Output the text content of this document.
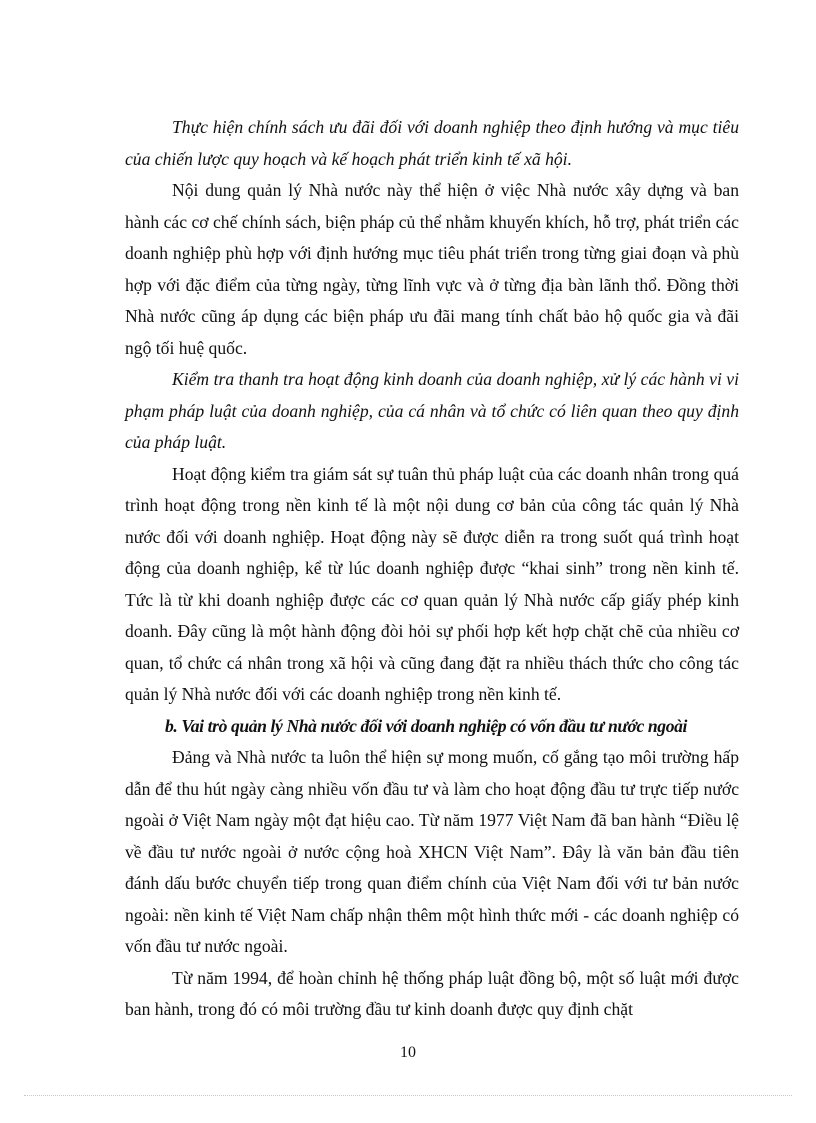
Thực hiện chính sách ưu đãi đối với doanh nghiệp theo định hướng và mục tiêu của chiến lược quy hoạch và kế hoạch phát triển kinh tế xã hội.

Nội dung quản lý Nhà nước này thể hiện ở việc Nhà nước xây dựng và ban hành các cơ chế chính sách, biện pháp củ thể nhằm khuyến khích, hỗ trợ, phát triển các doanh nghiệp phù hợp với định hướng mục tiêu phát triển trong từng giai đoạn và phù hợp với đặc điểm của từng ngày, từng lĩnh vực và ở từng địa bàn lãnh thổ. Đồng thời Nhà nước cũng áp dụng các biện pháp ưu đãi mang tính chất bảo hộ quốc gia và đãi ngộ tối huệ quốc.

Kiểm tra thanh tra hoạt động kinh doanh của doanh nghiệp, xử lý các hành vi vi phạm pháp luật của doanh nghiệp, của cá nhân và tổ chức có liên quan theo quy định của pháp luật.

Hoạt động kiểm tra giám sát sự tuân thủ pháp luật của các doanh nhân trong quá trình hoạt động trong nền kinh tế là một nội dung cơ bản của công tác quản lý Nhà nước đối với doanh nghiệp. Hoạt động này sẽ được diễn ra trong suốt quá trình hoạt động của doanh nghiệp, kể từ lúc doanh nghiệp được “khai sinh” trong nền kinh tế. Tức là từ khi doanh nghiệp được các cơ quan quản lý Nhà nước cấp giấy phép kinh doanh. Đây cũng là một hành động đòi hỏi sự phối hợp kết hợp chặt chẽ của nhiều cơ quan, tổ chức cá nhân trong xã hội và cũng đang đặt ra nhiều thách thức cho công tác quản lý Nhà nước đối với các doanh nghiệp trong nền kinh tế.

b. Vai trò quản lý Nhà nước đối với doanh nghiệp có vốn đầu tư nước ngoài

Đảng và Nhà nước ta luôn thể hiện sự mong muốn, cố gắng tạo môi trường hấp dẫn để thu hút ngày càng nhiều vốn đầu tư và làm cho hoạt động đầu tư trực tiếp nước ngoài ở Việt Nam ngày một đạt hiệu cao. Từ năm 1977 Việt Nam đã ban hành “Điều lệ về đầu tư nước ngoài ở nước cộng hoà XHCN Việt Nam”. Đây là văn bản đầu tiên đánh dấu bước chuyển tiếp trong quan điểm chính của Việt Nam đối với tư bản nước ngoài: nền kinh tế Việt Nam chấp nhận thêm một hình thức mới - các doanh nghiệp có vốn đầu tư nước ngoài.

Từ năm 1994, để hoàn chỉnh hệ thống pháp luật đồng bộ, một số luật mới được ban hành, trong đó có môi trường đầu tư kinh doanh được quy định chặt

10
